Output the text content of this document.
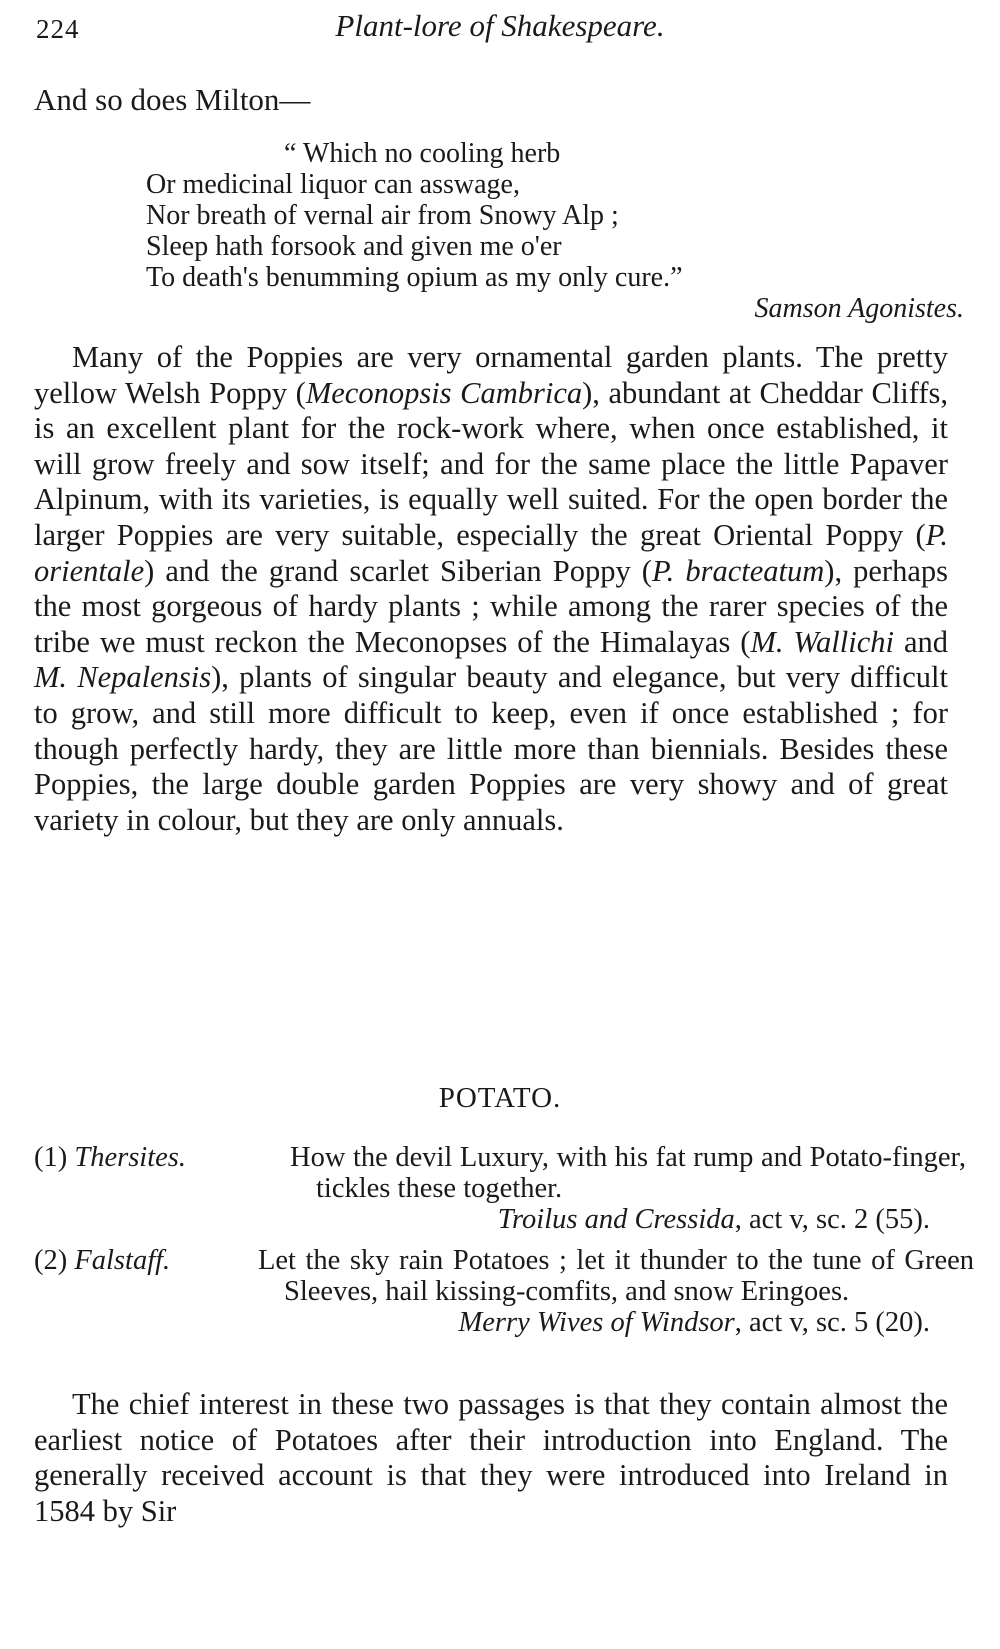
224	Plant-lore of Shakespeare.
And so does Milton—
“ Which no cooling herb
Or medicinal liquor can asswage,
Nor breath of vernal air from Snowy Alp ;
Sleep hath forsook and given me o'er
To death's benumming opium as my only cure.”
Samson Agonistes.

Many of the Poppies are very ornamental garden plants. The pretty yellow Welsh Poppy (Meconopsis Cambrica), abundant at Cheddar Cliffs, is an excellent plant for the rock-work where, when once established, it will grow freely and sow itself; and for the same place the little Papaver Alpinum, with its varieties, is equally well suited. For the open border the larger Poppies are very suitable, especially the great Oriental Poppy (P. orientale) and the grand scarlet Siberian Poppy (P. bracteatum), perhaps the most gorgeous of hardy plants ; while among the rarer species of the tribe we must reckon the Meconopses of the Himalayas (M. Wallichi and M. Nepalensis), plants of singular beauty and elegance, but very difficult to grow, and still more difficult to keep, even if once established ; for though perfectly hardy, they are little more than biennials. Besides these Poppies, the large double garden Poppies are very showy and of great variety in colour, but they are only annuals.

POTATO.
(1) Thersites.	How the devil Luxury, with his fat rump and Potato-finger, tickles these together.
Troilus and Cressida, act v, sc. 2 (55).
(2) Falstaff.	Let the sky rain Potatoes ; let it thunder to the tune of Green Sleeves, hail kissing-comfits, and snow Eringoes.
Merry Wives of Windsor, act v, sc. 5 (20).

The chief interest in these two passages is that they contain almost the earliest notice of Potatoes after their introduction into England. The generally received account is that they were introduced into Ireland in 1584 by Sir
